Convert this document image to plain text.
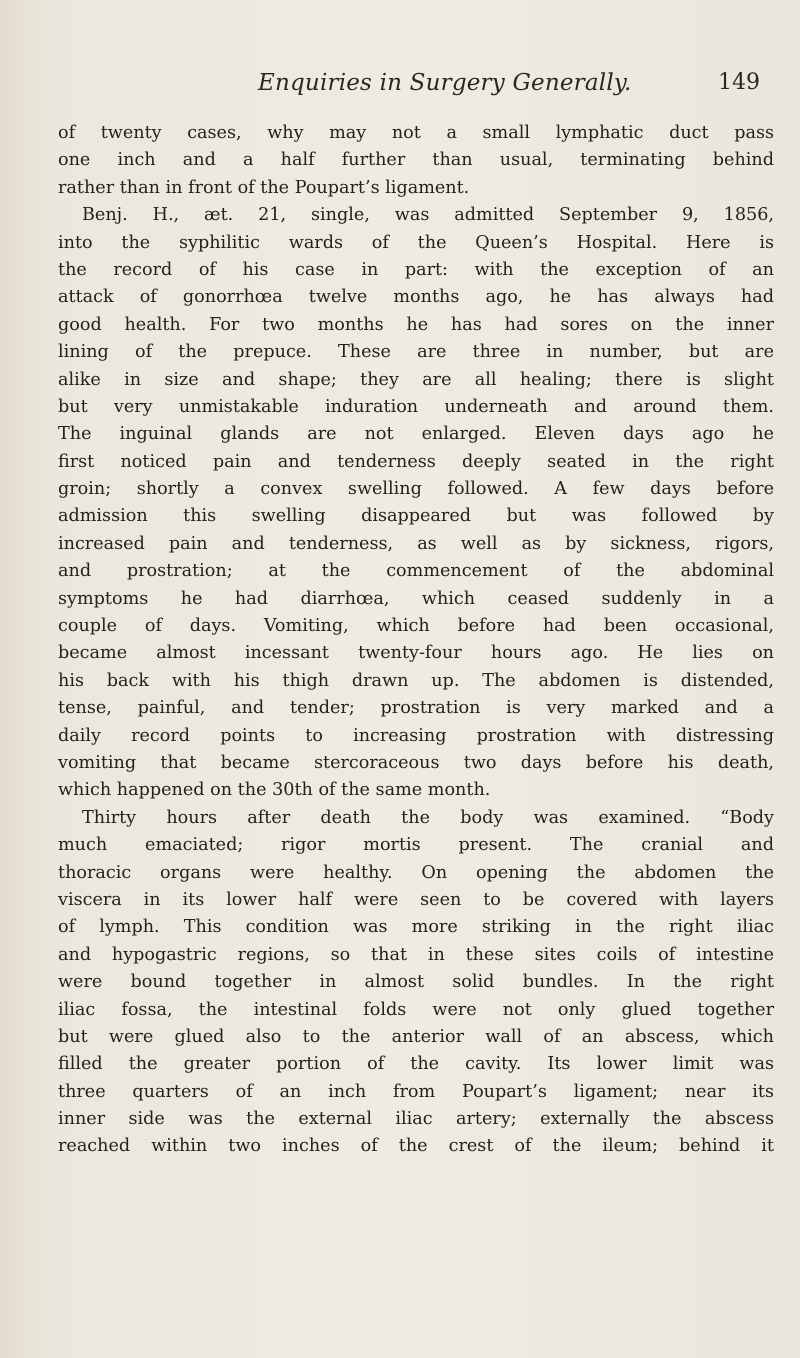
Enquiries in Surgery Generally.	149
of twenty cases, why may not a small lymphatic duct pass
one inch and a half further than usual, terminating behind
rather than in front of the Poupart’s ligament.
Benj. H., æt. 21, single, was admitted September 9, 1856,
into the syphilitic wards of the Queen’s Hospital. Here is
the record of his case in part: with the exception of an
attack of gonorrhœa twelve months ago, he has always had
good health. For two months he has had sores on the inner
lining of the prepuce. These are three in number, but are
alike in size and shape; they are all healing; there is slight
but very unmistakable induration underneath and around them.
The inguinal glands are not enlarged. Eleven days ago he
first noticed pain and tenderness deeply seated in the right
groin; shortly a convex swelling followed. A few days before
admission this swelling disappeared but was followed by
increased pain and tenderness, as well as by sickness, rigors,
and prostration; at the commencement of the abdominal
symptoms he had diarrhœa, which ceased suddenly in a
couple of days. Vomiting, which before had been occasional,
became almost incessant twenty-four hours ago. He lies on
his back with his thigh drawn up. The abdomen is distended,
tense, painful, and tender; prostration is very marked and a
daily record points to increasing prostration with distressing
vomiting that became stercoraceous two days before his death,
which happened on the 30th of the same month.
Thirty hours after death the body was examined. “Body
much emaciated; rigor mortis present. The cranial and
thoracic organs were healthy. On opening the abdomen the
viscera in its lower half were seen to be covered with layers
of lymph. This condition was more striking in the right iliac
and hypogastric regions, so that in these sites coils of intestine
were bound together in almost solid bundles. In the right
iliac fossa, the intestinal folds were not only glued together
but were glued also to the anterior wall of an abscess, which
filled the greater portion of the cavity. Its lower limit was
three quarters of an inch from Poupart’s ligament; near its
inner side was the external iliac artery; externally the abscess
reached within two inches of the crest of the ileum; behind it
